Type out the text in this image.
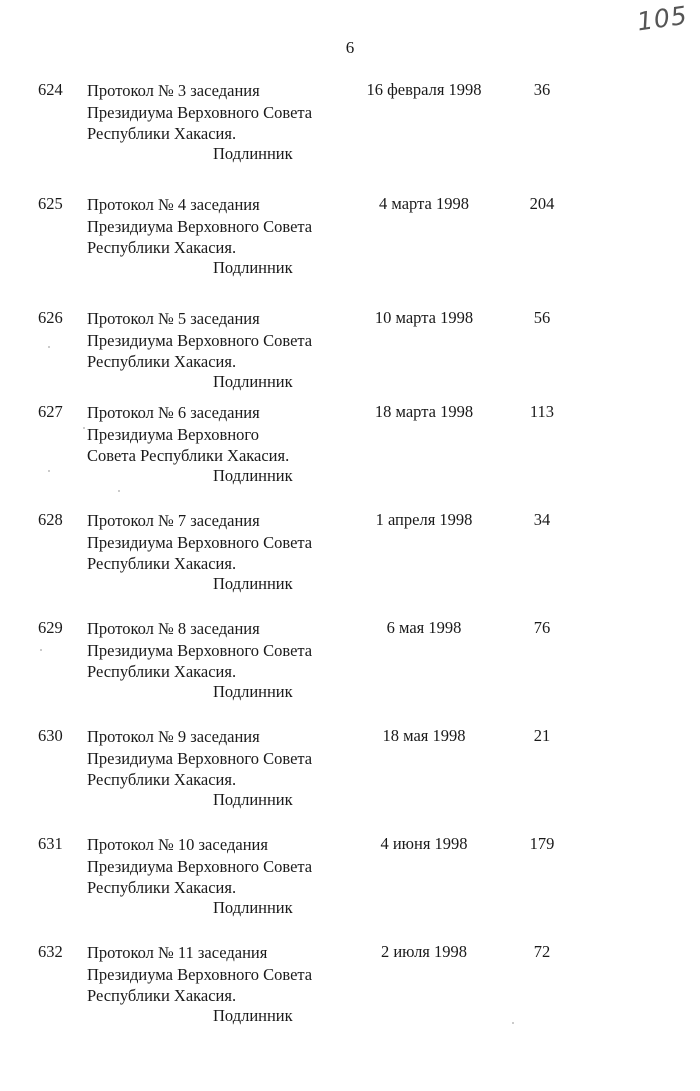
105
6
624 Протокол № 3 заседания
Президиума Верховного Совета
Республики Хакасия.
Подлинник
16 февраля 1998	36
625 Протокол № 4 заседания
Президиума Верховного Совета
Республики Хакасия.
Подлинник
4 марта 1998	204
626 Протокол № 5 заседания
Президиума Верховного Совета
Республики Хакасия.
Подлинник
10 марта 1998	56
627 Протокол № 6 заседания
Президиума Верховного
Совета Республики Хакасия.
Подлинник
18 марта 1998	113
628 Протокол № 7 заседания
Президиума Верховного Совета
Республики Хакасия.
Подлинник
1 апреля 1998	34
629 Протокол № 8 заседания
Президиума Верховного Совета
Республики Хакасия.
Подлинник
6 мая 1998	76
630 Протокол № 9 заседания
Президиума Верховного Совета
Республики Хакасия.
Подлинник
18 мая 1998	21
631 Протокол № 10 заседания
Президиума Верховного Совета
Республики Хакасия.
Подлинник
4 июня 1998	179
632 Протокол № 11 заседания
Президиума Верховного Совета
Республики Хакасия.
Подлинник
2 июля 1998	72
